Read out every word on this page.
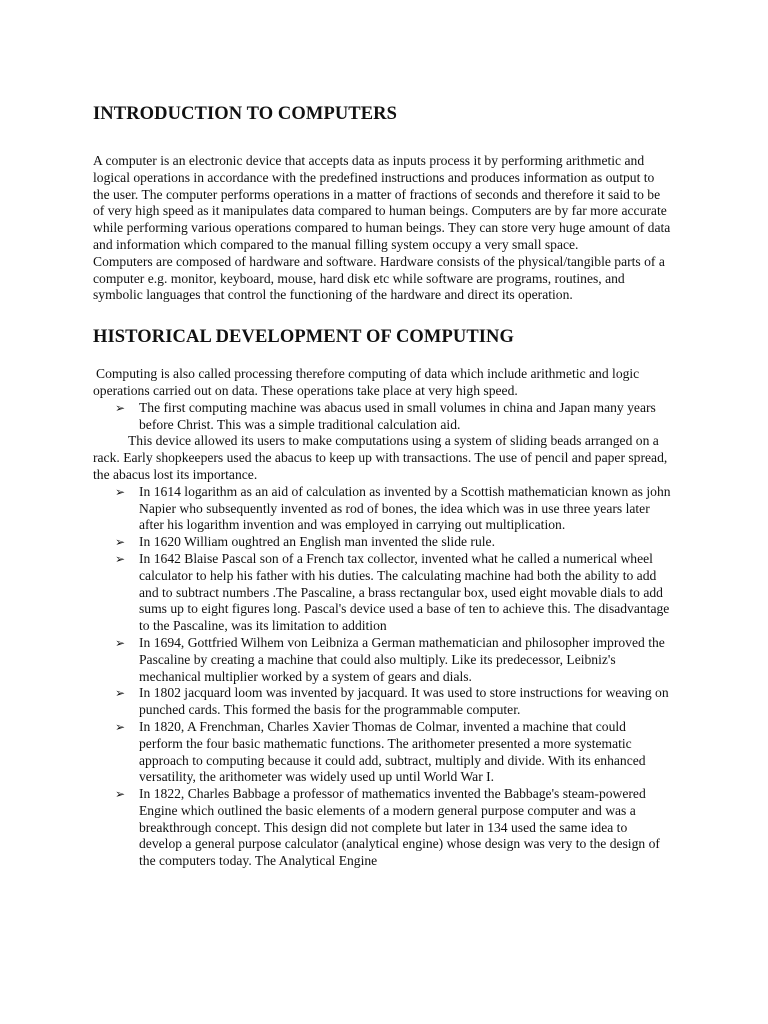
INTRODUCTION TO COMPUTERS

A computer is an electronic device that accepts data as inputs process it by performing arithmetic and logical operations in accordance with the predefined instructions and produces information as output to the user. The computer performs operations in a matter of fractions of seconds and therefore it said to be of very high speed as it manipulates data compared to human beings. Computers are by far more accurate while performing various operations compared to human beings. They can store very huge amount of data and information which compared to the manual filling system occupy a very small space.

Computers are composed of hardware and software. Hardware consists of the physical/tangible parts of a computer e.g. monitor, keyboard, mouse, hard disk etc while software are programs, routines, and symbolic languages that control the functioning of the hardware and direct its operation.

HISTORICAL DEVELOPMENT OF COMPUTING

Computing is also called processing therefore computing of data which include arithmetic and logic operations carried out on data. These operations take place at very high speed.

➢ The first computing machine was abacus used in small volumes in china and Japan many years before Christ. This was a simple traditional calculation aid.

This device allowed its users to make computations using a system of sliding beads arranged on a rack. Early shopkeepers used the abacus to keep up with transactions. The use of pencil and paper spread, the abacus lost its importance.

➢ In 1614 logarithm as an aid of calculation as invented by a Scottish mathematician known as john Napier who subsequently invented as rod of bones, the idea which was in use three years later after his logarithm invention and was employed in carrying out multiplication.
➢ In 1620 William oughtred an English man invented the slide rule.
➢ In 1642 Blaise Pascal son of a French tax collector, invented what he called a numerical wheel calculator to help his father with his duties. The calculating machine had both the ability to add and to subtract numbers .The Pascaline, a brass rectangular box, used eight movable dials to add sums up to eight figures long. Pascal's device used a base of ten to achieve this. The disadvantage to the Pascaline, was its limitation to addition
➢ In 1694, Gottfried Wilhem von Leibniza a German mathematician and philosopher improved the Pascaline by creating a machine that could also multiply. Like its predecessor, Leibniz's mechanical multiplier worked by a system of gears and dials.
➢ In 1802 jacquard loom was invented by jacquard. It was used to store instructions for weaving on punched cards. This formed the basis for the programmable computer.
➢ In 1820, A Frenchman, Charles Xavier Thomas de Colmar, invented a machine that could perform the four basic mathematic functions. The arithometer presented a more systematic approach to computing because it could add, subtract, multiply and divide. With its enhanced versatility, the arithometer was widely used up until World War I.
➢ In 1822, Charles Babbage a professor of mathematics invented the Babbage's steam-powered Engine which outlined the basic elements of a modern general purpose computer and was a breakthrough concept. This design did not complete but later in 134 used the same idea to develop a general purpose calculator (analytical engine) whose design was very to the design of the computers today. The Analytical Engine
